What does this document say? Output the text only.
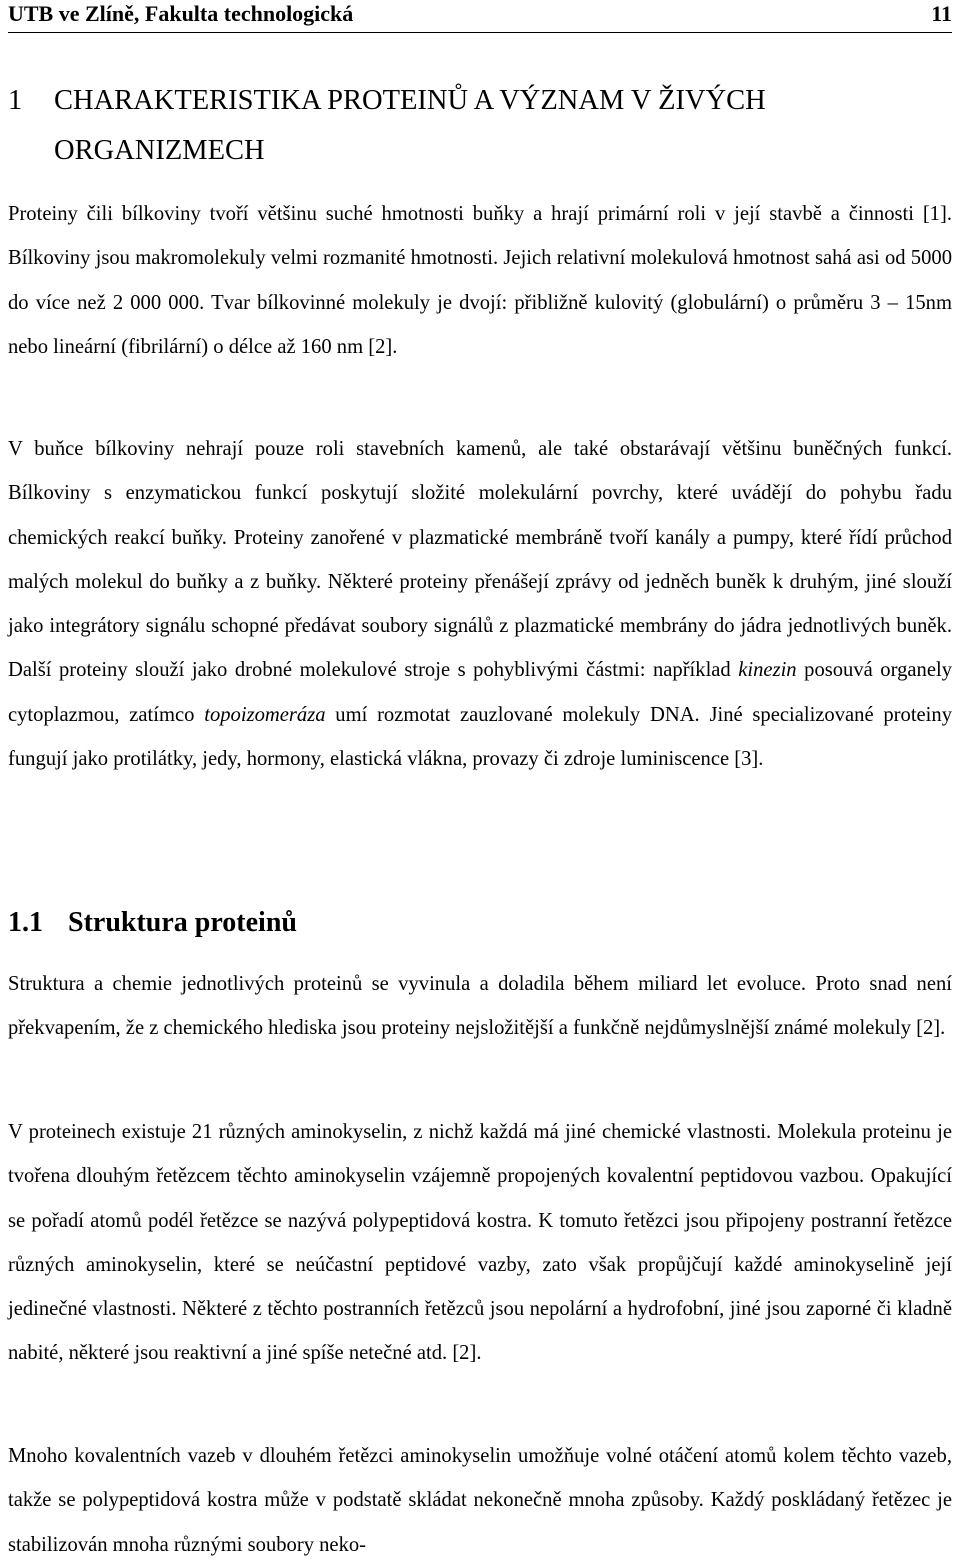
UTB ve Zlíně, Fakulta technologická	11
1	CHARAKTERISTIKA PROTEINŮ A VÝZNAM V ŽIVÝCH
ORGANIZMECH

Proteiny čili bílkoviny tvoří většinu suché hmotnosti buňky a hrají primární roli v její stavbě a činnosti [1]. Bílkoviny jsou makromolekuly velmi rozmanité hmotnosti. Jejich relativní molekulová hmotnost sahá asi od 5000 do více než 2 000 000. Tvar bílkovinné molekuly je dvojí: přibližně kulovitý (globulární) o průměru 3 – 15nm nebo lineární (fibrilární) o délce až 160 nm [2].

V buňce bílkoviny nehrají pouze roli stavebních kamenů, ale také obstarávají většinu buněčných funkcí. Bílkoviny s enzymatickou funkcí poskytují složité molekulární povrchy, které uvádějí do pohybu řadu chemických reakcí buňky. Proteiny zanořené v plazmatické membráně tvoří kanály a pumpy, které řídí průchod malých molekul do buňky a z buňky. Některé proteiny přenášejí zprávy od jedněch buněk k druhým, jiné slouží jako integrátory signálu schopné předávat soubory signálů z plazmatické membrány do jádra jednotlivých buněk. Další proteiny slouží jako drobné molekulové stroje s pohyblivými částmi: například kinezin posouvá organely cytoplazmou, zatímco topoizomeráza umí rozmotat zauzlované molekuly DNA. Jiné specializované proteiny fungují jako protilátky, jedy, hormony, elastická vlákna, provazy či zdroje luminiscence [3].

1.1 Struktura proteinů

Struktura a chemie jednotlivých proteinů se vyvinula a doladila během miliard let evoluce. Proto snad není překvapením, že z chemického hlediska jsou proteiny nejsložitější a funkčně nejdůmyslnější známé molekuly [2].

V proteinech existuje 21 různých aminokyselin, z nichž každá má jiné chemické vlastnosti. Molekula proteinu je tvořena dlouhým řetězcem těchto aminokyselin vzájemně propojených kovalentní peptidovou vazbou. Opakující se pořadí atomů podél řetězce se nazývá polypeptidová kostra. K tomuto řetězci jsou připojeny postranní řetězce různých aminokyselin, které se neúčastní peptidové vazby, zato však propůjčují každé aminokyselině její jedinečné vlastnosti. Některé z těchto postranních řetězců jsou nepolární a hydrofobní, jiné jsou zaporné či kladně nabité, některé jsou reaktivní a jiné spíše netečné atd. [2].

Mnoho kovalentních vazeb v dlouhém řetězci aminokyselin umožňuje volné otáčení atomů kolem těchto vazeb, takže se polypeptidová kostra může v podstatě skládat nekonečně mnoha způsoby. Každý poskládaný řetězec je stabilizován mnoha různými soubory neko-
